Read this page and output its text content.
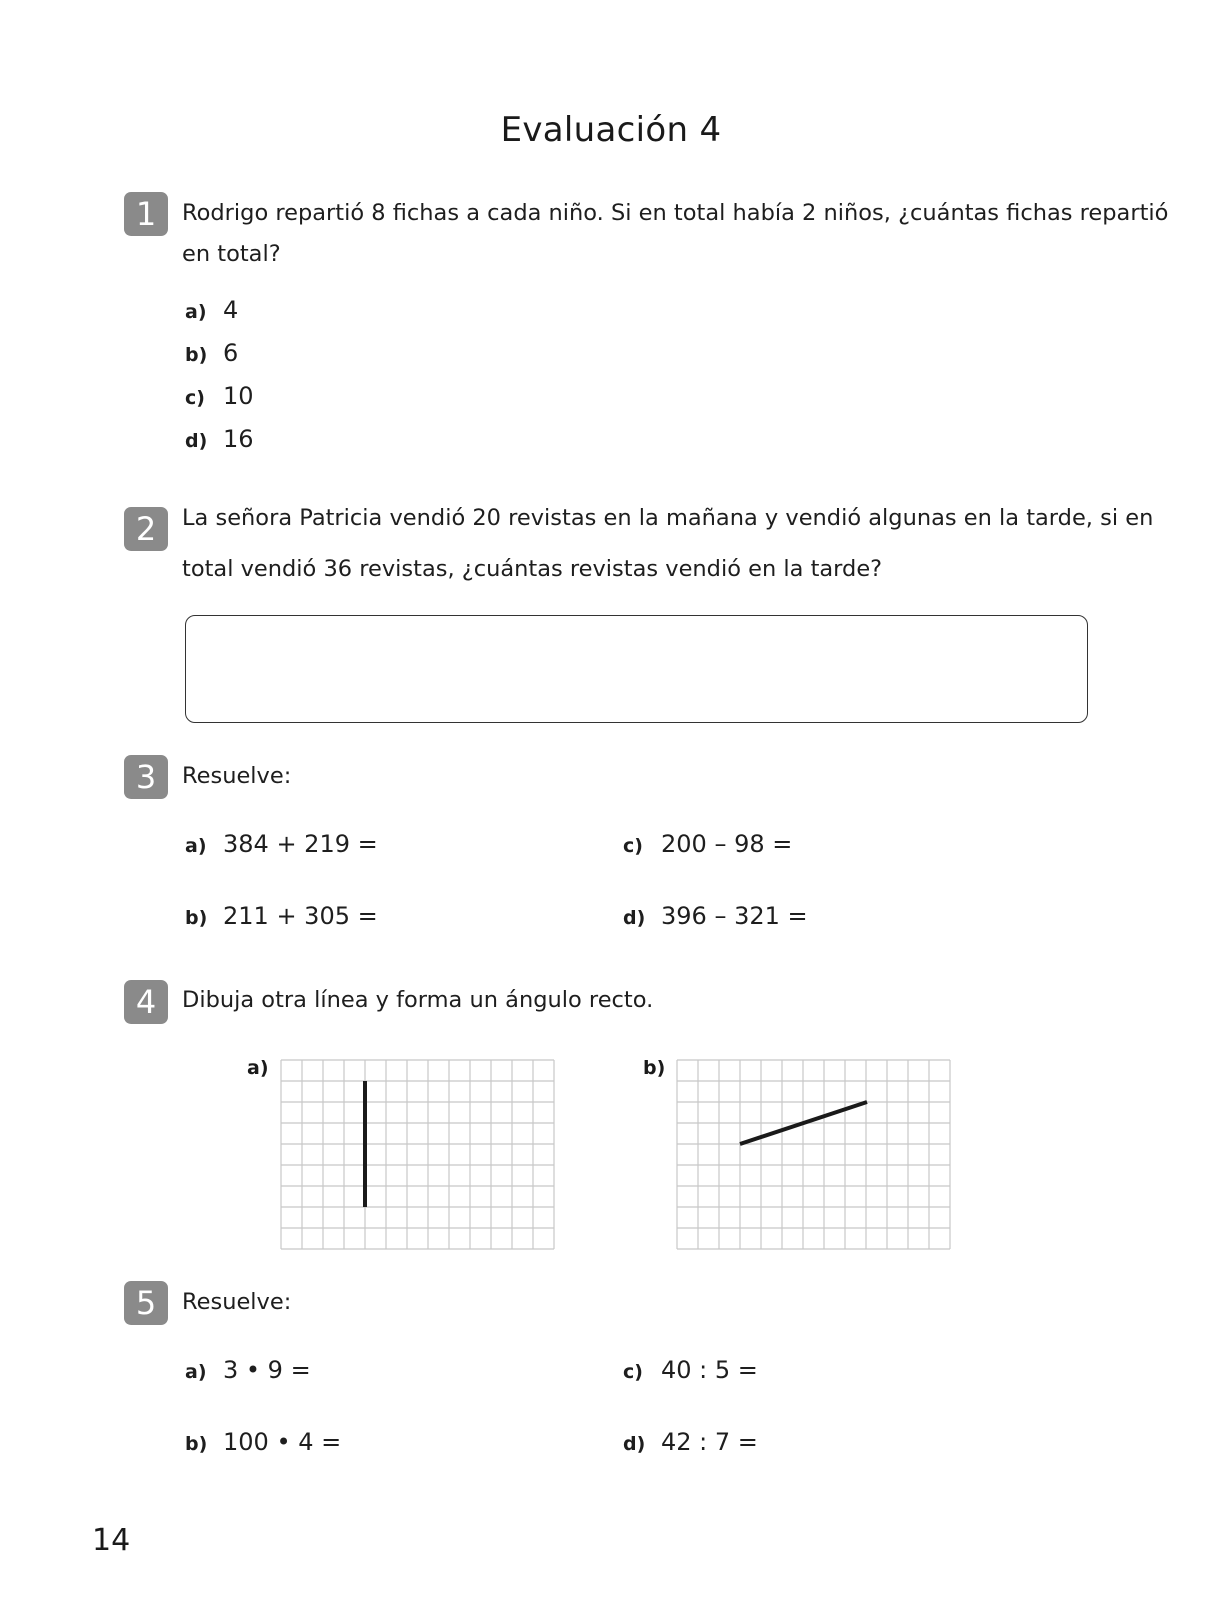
Evaluación 4
1	Rodrigo repartió 8 fichas a cada niño. Si en total había 2 niños, ¿cuántas fichas repartió
en total?
a) 4
b) 6
c) 10
d) 16
2	La señora Patricia vendió 20 revistas en la mañana y vendió algunas en la tarde, si en
total vendió 36 revistas, ¿cuántas revistas vendió en la tarde?
3	Resuelve:
a) 384 + 219 =
b) 211 + 305 =
c) 200 – 98 =
d) 396 – 321 =
4	Dibuja otra línea y forma un ángulo recto.
a)	b)
5	Resuelve:
a) 3 • 9 =
b) 100 • 4 =
c) 40 : 5 =
d) 42 : 7 =
14
